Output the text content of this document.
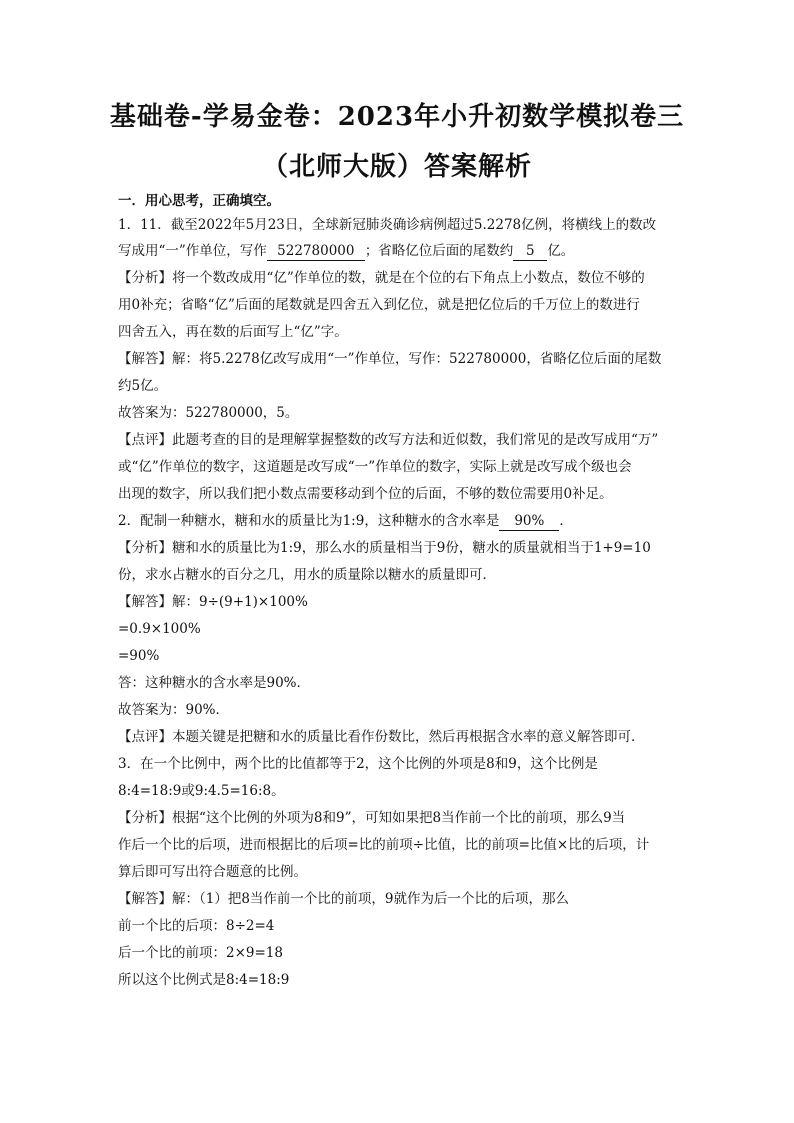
基础卷-学易金卷：2023年小升初数学模拟卷三
（北师大版）答案解析
一．用心思考，正确填空。
1．11．截至2022年5月23日，全球新冠肺炎确诊病例超过5.2278亿例，将横线上的数改
写成用“一”作单位，写作 522780000 ；省略亿位后面的尾数约 5 亿。
【分析】将一个数改成用“亿”作单位的数，就是在个位的右下角点上小数点，数位不够的
用0补充；省略“亿”后面的尾数就是四舍五入到亿位，就是把亿位后的千万位上的数进行
四舍五入，再在数的后面写上“亿”字。
【解答】解：将5.2278亿改写成用“一”作单位，写作：522780000，省略亿位后面的尾数
约5亿。
故答案为：522780000，5。
【点评】此题考查的目的是理解掌握整数的改写方法和近似数，我们常见的是改写成用“万”
或“亿”作单位的数字，这道题是改写成“一”作单位的数字，实际上就是改写成个级也会
出现的数字，所以我们把小数点需要移动到个位的后面，不够的数位需要用0补足。
2．配制一种糖水，糖和水的质量比为1:9，这种糖水的含水率是 90% ．
【分析】糖和水的质量比为1:9，那么水的质量相当于9份，糖水的质量就相当于1+9=10
份，求水占糖水的百分之几，用水的质量除以糖水的质量即可．
【解答】解：9÷(9+1)×100%
=0.9×100%
=90%
答：这种糖水的含水率是90%．
故答案为：90%．
【点评】本题关键是把糖和水的质量比看作份数比，然后再根据含水率的意义解答即可．
3．在一个比例中，两个比的比值都等于2，这个比例的外项是8和9，这个比例是
8:4=18:9或9:4.5=16:8。
【分析】根据“这个比例的外项为8和9”，可知如果把8当作前一个比的前项，那么9当
作后一个比的后项，进而根据比的后项=比的前项÷比值，比的前项=比值×比的后项，计
算后即可写出符合题意的比例。
【解答】解：（1）把8当作前一个比的前项，9就作为后一个比的后项，那么
前一个比的后项：8÷2=4
后一个比的前项：2×9=18
所以这个比例式是8:4=18:9
